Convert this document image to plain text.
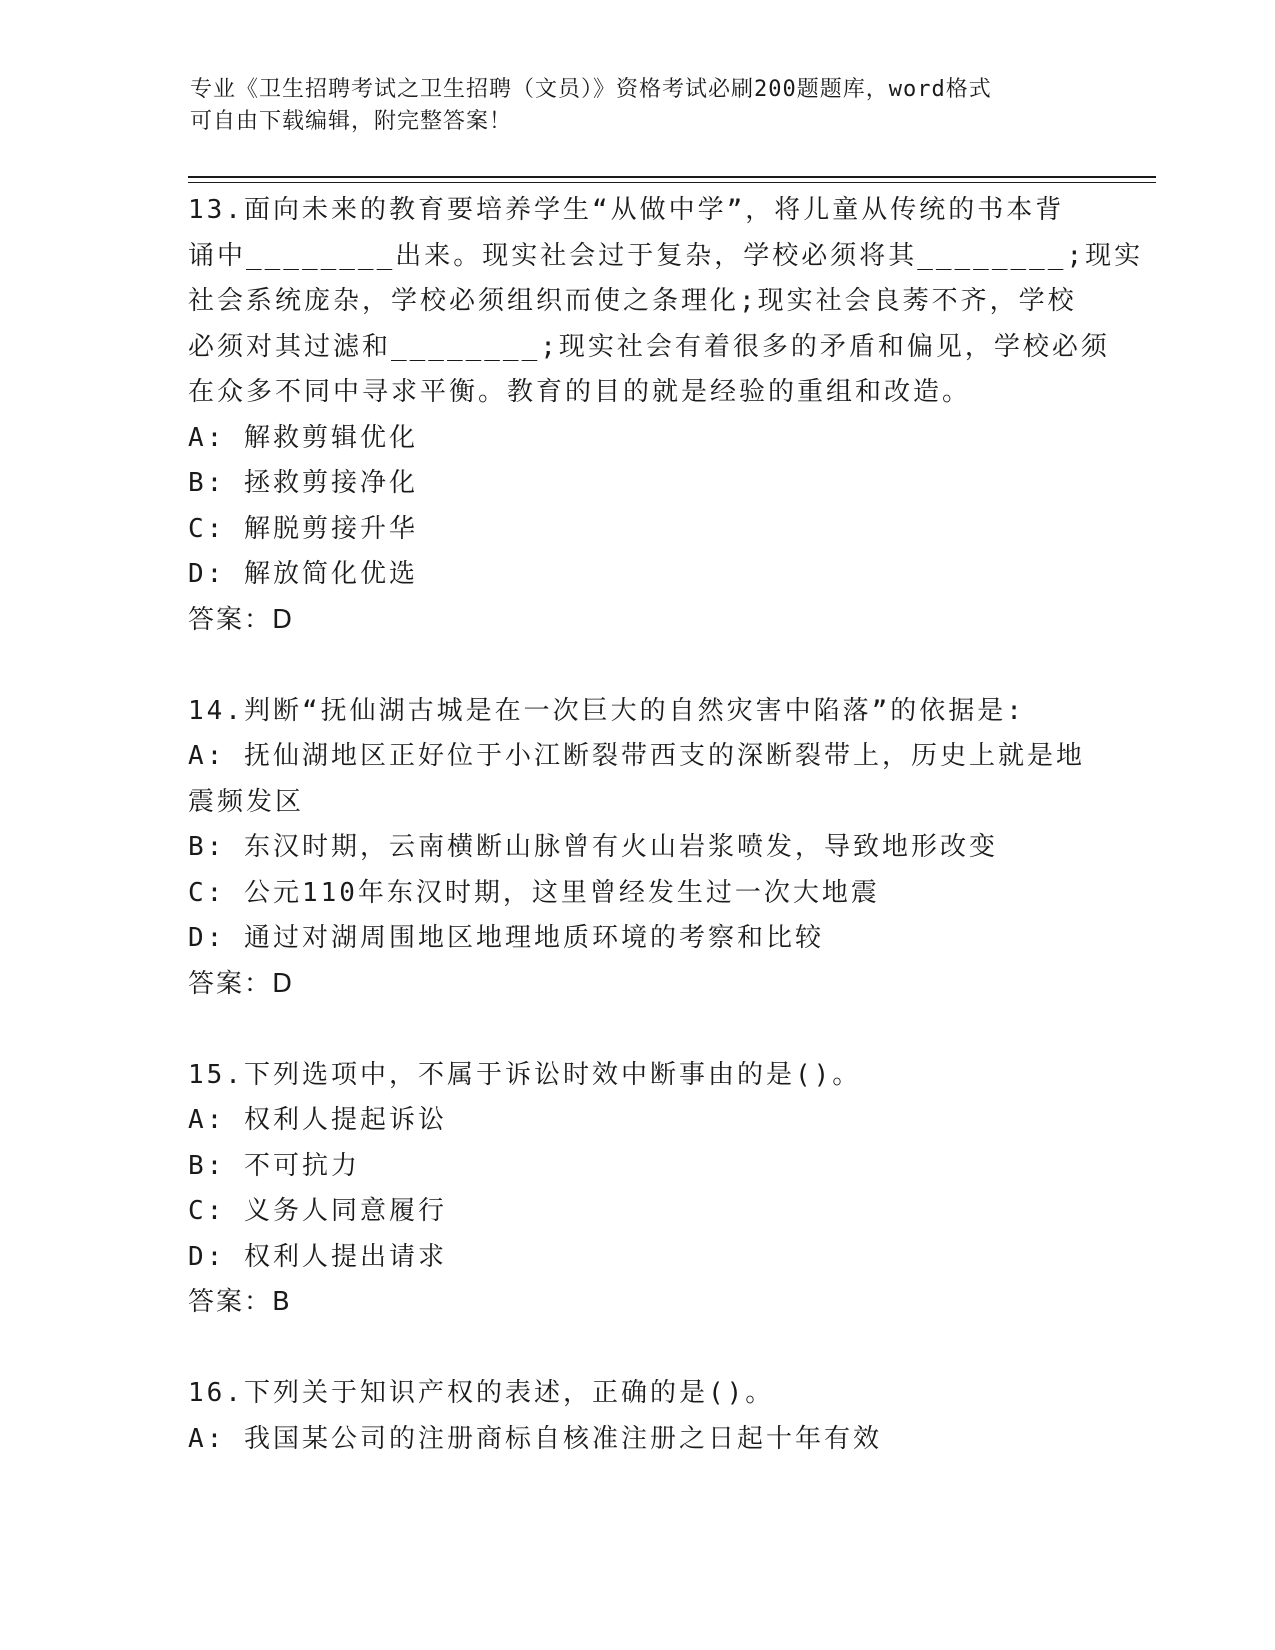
专业《卫生招聘考试之卫生招聘（文员）》资格考试必刷200题题库，word格式
可自由下载编辑，附完整答案！
13.面向未来的教育要培养学生“从做中学”，将儿童从传统的书本背
诵中________出来。现实社会过于复杂，学校必须将其________;现实
社会系统庞杂，学校必须组织而使之条理化;现实社会良莠不齐，学校
必须对其过滤和________;现实社会有着很多的矛盾和偏见，学校必须
在众多不同中寻求平衡。教育的目的就是经验的重组和改造。
A: 解救剪辑优化
B: 拯救剪接净化
C: 解脱剪接升华
D: 解放简化优选
答案：D
14.判断“抚仙湖古城是在一次巨大的自然灾害中陷落”的依据是:
A: 抚仙湖地区正好位于小江断裂带西支的深断裂带上，历史上就是地
震频发区
B: 东汉时期，云南横断山脉曾有火山岩浆喷发，导致地形改变
C: 公元110年东汉时期，这里曾经发生过一次大地震
D: 通过对湖周围地区地理地质环境的考察和比较
答案：D
15.下列选项中，不属于诉讼时效中断事由的是()。
A: 权利人提起诉讼
B: 不可抗力
C: 义务人同意履行
D: 权利人提出请求
答案：B
16.下列关于知识产权的表述，正确的是()。
A: 我国某公司的注册商标自核准注册之日起十年有效
